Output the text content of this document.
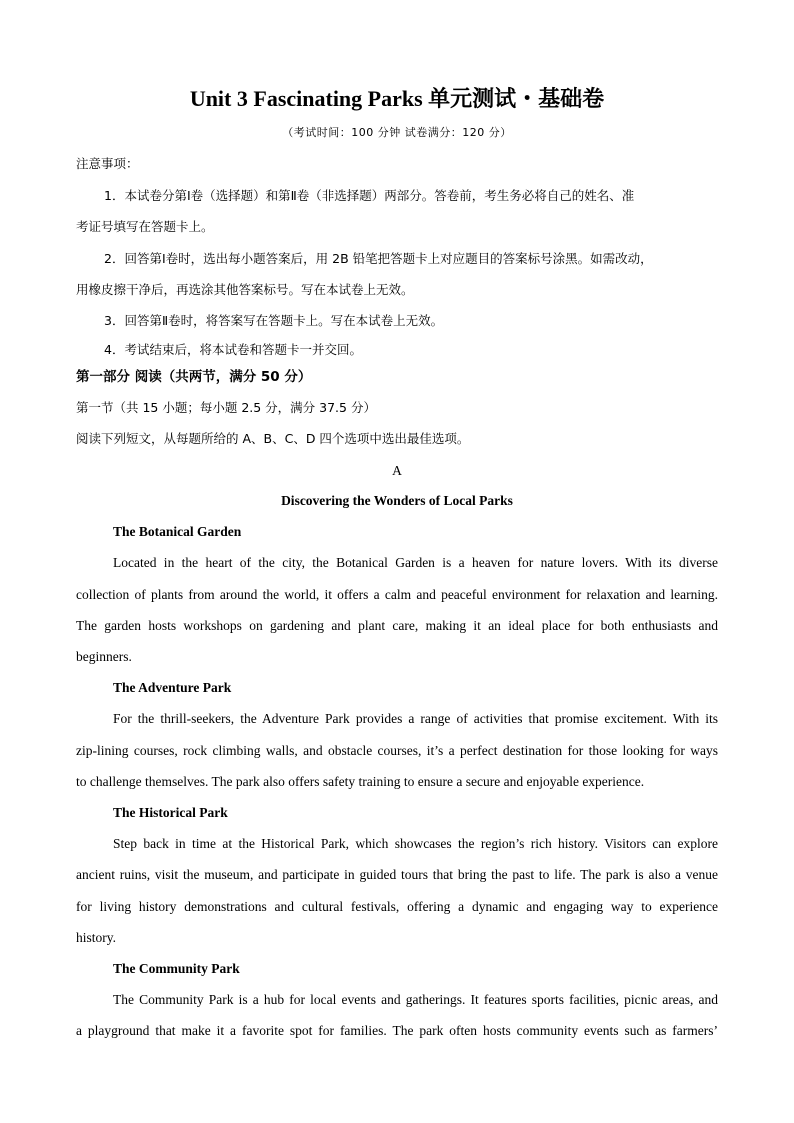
Unit 3 Fascinating Parks 单元测试・基础卷
（考试时间：100 分钟 试卷满分：120 分）
注意事项：
1．本试卷分第Ⅰ卷（选择题）和第Ⅱ卷（非选择题）两部分。答卷前，考生务必将自己的姓名、准
考证号填写在答题卡上。
2．回答第Ⅰ卷时，选出每小题答案后，用 2B 铅笔把答题卡上对应题目的答案标号涂黑。如需改动，
用橡皮擦干净后，再选涂其他答案标号。写在本试卷上无效。
3．回答第Ⅱ卷时，将答案写在答题卡上。写在本试卷上无效。
4．考试结束后，将本试卷和答题卡一并交回。
第一部分 阅读（共两节，满分 50 分）
第一节（共 15 小题；每小题 2.5 分，满分 37.5 分）
阅读下列短文，从每题所给的 A、B、C、D 四个选项中选出最佳选项。
A
Discovering the Wonders of Local Parks
The Botanical Garden
Located in the heart of the city, the Botanical Garden is a heaven for nature lovers. With its diverse
collection of plants from around the world, it offers a calm and peaceful environment for relaxation and learning.
The garden hosts workshops on gardening and plant care, making it an ideal place for both enthusiasts and
beginners.
The Adventure Park
For the thrill-seekers, the Adventure Park provides a range of activities that promise excitement. With its
zip-lining courses, rock climbing walls, and obstacle courses, it’s a perfect destination for those looking for ways
to challenge themselves. The park also offers safety training to ensure a secure and enjoyable experience.
The Historical Park
Step back in time at the Historical Park, which showcases the region’s rich history. Visitors can explore
ancient ruins, visit the museum, and participate in guided tours that bring the past to life. The park is also a venue
for living history demonstrations and cultural festivals, offering a dynamic and engaging way to experience
history.
The Community Park
The Community Park is a hub for local events and gatherings. It features sports facilities, picnic areas, and
a playground that make it a favorite spot for families. The park often hosts community events such as farmers’
